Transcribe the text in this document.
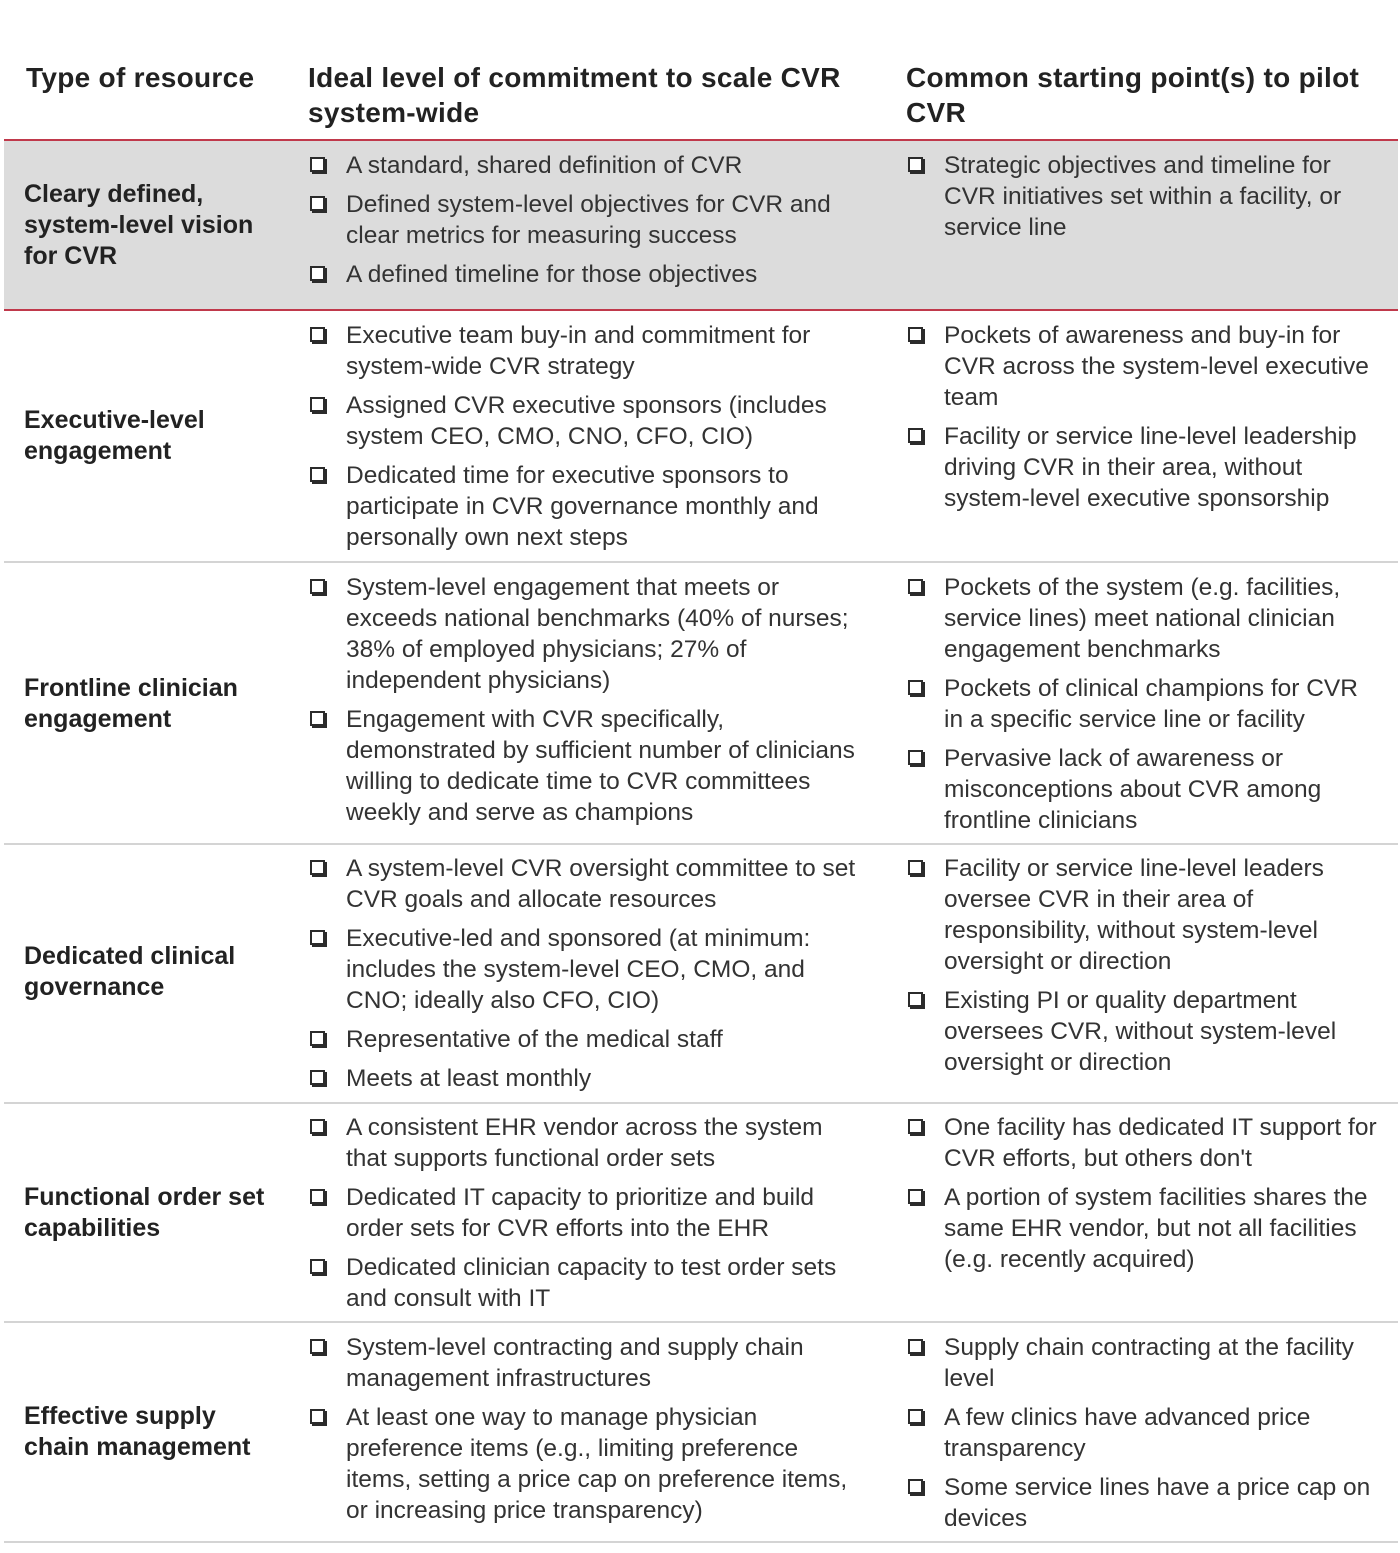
Type of resource	Ideal level of commitment to scale CVR system-wide
Common starting point(s) to pilot CVR
Cleary defined, system-level vision for CVR
A standard, shared definition of CVR
Defined system-level objectives for CVR and clear metrics for measuring success
A defined timeline for those objectives
Strategic objectives and timeline for CVR initiatives set within a facility, or service line
Executive-level engagement
Executive team buy-in and commitment for system-wide CVR strategy
Assigned CVR executive sponsors (includes system CEO, CMO, CNO, CFO, CIO)
Dedicated time for executive sponsors to participate in CVR governance monthly and personally own next steps
Pockets of awareness and buy-in for CVR across the system-level executive team
Facility or service line-level leadership driving CVR in their area, without system-level executive sponsorship
Frontline clinician engagement
System-level engagement that meets or exceeds national benchmarks (40% of nurses; 38% of employed physicians; 27% of independent physicians)
Engagement with CVR specifically, demonstrated by sufficient number of clinicians willing to dedicate time to CVR committees weekly and serve as champions
Pockets of the system (e.g. facilities, service lines) meet national clinician engagement benchmarks
Pockets of clinical champions for CVR in a specific service line or facility
Pervasive lack of awareness or misconceptions about CVR among frontline clinicians
Dedicated clinical governance
A system-level CVR oversight committee to set CVR goals and allocate resources
Executive-led and sponsored (at minimum: includes the system-level CEO, CMO, and CNO; ideally also CFO, CIO)
Representative of the medical staff
Meets at least monthly
Facility or service line-level leaders oversee CVR in their area of responsibility, without system-level oversight or direction
Existing PI or quality department oversees CVR, without system-level oversight or direction
Functional order set capabilities
A consistent EHR vendor across the system that supports functional order sets
Dedicated IT capacity to prioritize and build order sets for CVR efforts into the EHR
Dedicated clinician capacity to test order sets and consult with IT
One facility has dedicated IT support for CVR efforts, but others don't
A portion of system facilities shares the same EHR vendor, but not all facilities (e.g. recently acquired)
Effective supply chain management
System-level contracting and supply chain management infrastructures
At least one way to manage physician preference items (e.g., limiting preference items, setting a price cap on preference items, or increasing price transparency)
Supply chain contracting at the facility level
A few clinics have advanced price transparency
Some service lines have a price cap on devices
